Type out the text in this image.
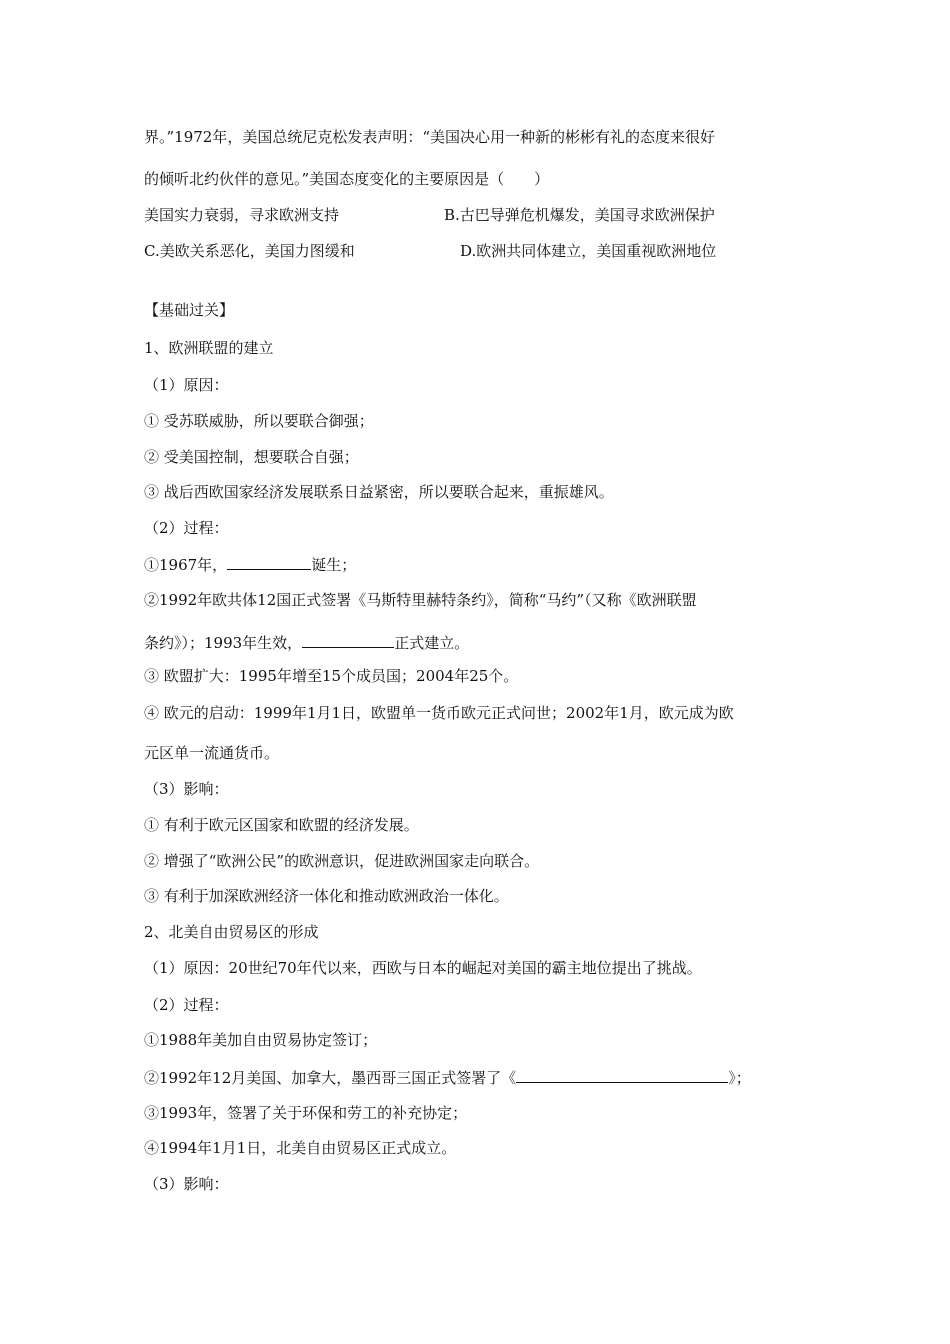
界。”1972年，美国总统尼克松发表声明：“美国决心用一种新的彬彬有礼的态度来很好
的倾听北约伙伴的意见。”美国态度变化的主要原因是（　　）
美国实力衰弱，寻求欧洲支持	B.古巴导弹危机爆发，美国寻求欧洲保护
C.美欧关系恶化，美国力图缓和	D.欧洲共同体建立，美国重视欧洲地位
【基础过关】
1、欧洲联盟的建立
（1）原因：
① 受苏联威胁，所以要联合御强；
② 受美国控制，想要联合自强；
③ 战后西欧国家经济发展联系日益紧密，所以要联合起来，重振雄风。
（2）过程：
①1967年，	诞生；
②1992年欧共体12国正式签署《马斯特里赫特条约》，简称“马约”（又称《欧洲联盟
条约》）；1993年生效，	正式建立。
③ 欧盟扩大：1995年增至15个成员国；2004年25个。
④ 欧元的启动：1999年1月1日，欧盟单一货币欧元正式问世；2002年1月，欧元成为欧
元区单一流通货币。
（3）影响：
① 有利于欧元区国家和欧盟的经济发展。
② 增强了“欧洲公民”的欧洲意识，促进欧洲国家走向联合。
③ 有利于加深欧洲经济一体化和推动欧洲政治一体化。
2、北美自由贸易区的形成
（1）原因：20世纪70年代以来，西欧与日本的崛起对美国的霸主地位提出了挑战。
（2）过程：
①1988年美加自由贸易协定签订；
②1992年12月美国、加拿大，墨西哥三国正式签署了《	》；
③1993年，签署了关于环保和劳工的补充协定；
④1994年1月1日，北美自由贸易区正式成立。
（3）影响：
